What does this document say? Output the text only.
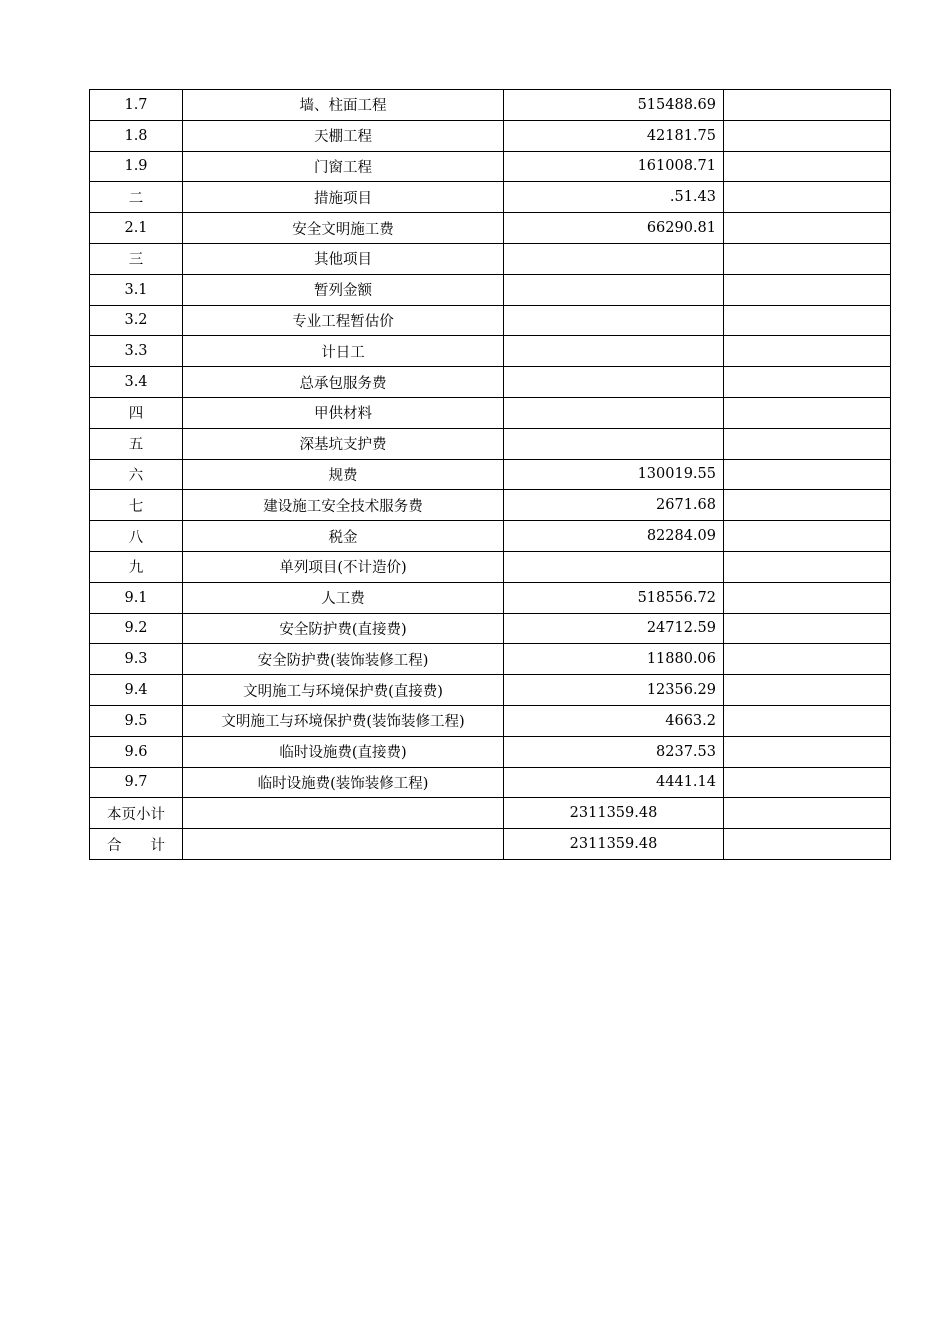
1.7	墙、柱面工程	515488.69	
1.8	天棚工程	42181.75	
1.9	门窗工程	161008.71	
二	措施项目	.51.43	
2.1	安全文明施工费	66290.81	
三	其他项目		
3.1	暂列金额		
3.2	专业工程暂估价		
3.3	计日工		
3.4	总承包服务费		
四	甲供材料		
五	深基坑支护费		
六	规费	130019.55	
七	建设施工安全技术服务费	2671.68	
八	税金	82284.09	
九	单列项目(不计造价)		
9.1	人工费	518556.72	
9.2	安全防护费(直接费)	24712.59	
9.3	安全防护费(装饰装修工程)	11880.06	
9.4	文明施工与环境保护费(直接费)	12356.29	
9.5	文明施工与环境保护费(装饰装修工程)	4663.2	
9.6	临时设施费(直接费)	8237.53	
9.7	临时设施费(装饰装修工程)	4441.14	
本页小计		2311359.48	
合　　计		2311359.48	
